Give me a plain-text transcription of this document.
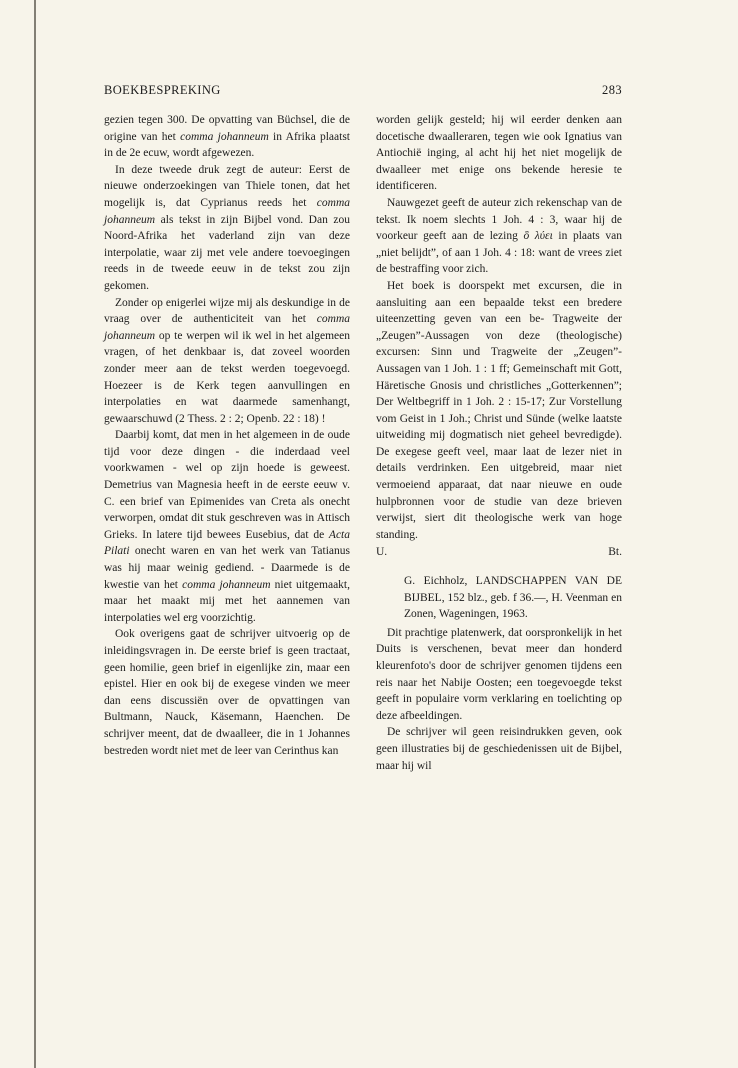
BOEKBESPREKING	283

gezien tegen 300. De opvatting van Büchsel, die de origine van het comma johanneum in Afrika plaatst in de 2e ecuw, wordt afgewezen.

In deze tweede druk zegt de auteur: Eerst de nieuwe onderzoekingen van Thiele tonen, dat het mogelijk is, dat Cyprianus reeds het comma johanneum als tekst in zijn Bijbel vond. Dan zou Noord-Afrika het vaderland zijn van deze interpolatie, waar zij met vele andere toevoegingen reeds in de tweede eeuw in de tekst zou zijn gekomen.

Zonder op enigerlei wijze mij als deskundige in de vraag over de authenticiteit van het comma johanneum op te werpen wil ik wel in het algemeen vragen, of het denkbaar is, dat zoveel woorden zonder meer aan de tekst werden toegevoegd. Hoezeer is de Kerk tegen aanvullingen en interpolaties en wat daarmede samenhangt, gewaarschuwd (2 Thess. 2 : 2; Openb. 22 : 18) !

Daarbij komt, dat men in het algemeen in de oude tijd voor deze dingen - die inderdaad veel voorkwamen - wel op zijn hoede is geweest. Demetrius van Magnesia heeft in de eerste eeuw v. C. een brief van Epimenides van Creta als onecht verworpen, omdat dit stuk geschreven was in Attisch Grieks. In latere tijd bewees Eusebius, dat de Acta Pilati onecht waren en van het werk van Tatianus was hij maar weinig gediend. - Daarmede is de kwestie van het comma johanneum niet uitgemaakt, maar het maakt mij met het aannemen van interpolaties wel erg voorzichtig.

Ook overigens gaat de schrijver uitvoerig op de inleidingsvragen in. De eerste brief is geen tractaat, geen homilie, geen brief in eigenlijke zin, maar een epistel. Hier en ook bij de exegese vinden we meer dan eens discussiën over de opvattingen van Bultmann, Nauck, Käsemann, Haenchen. De schrijver meent, dat de dwaalleer, die in 1 Johannes bestreden wordt niet met de leer van Cerinthus kan

worden gelijk gesteld; hij wil eerder denken aan docetische dwaalleraren, tegen wie ook Ignatius van Antiochië inging, al acht hij het niet mogelijk de dwaalleer met enige ons bekende heresie te identificeren.

Nauwgezet geeft de auteur zich rekenschap van de tekst. Ik noem slechts 1 Joh. 4 : 3, waar hij de voorkeur geeft aan de lezing ὃ λύει in plaats van „niet belijdt”, of aan 1 Joh. 4 : 18: want de vrees ziet de bestraffing voor zich.

Het boek is doorspekt met excursen, die in aansluiting aan een bepaalde tekst een bredere uiteenzetting geven van een be- Tragweite der „Zeugen”-Aussagen von deze (theologische) excursen: Sinn und Tragweite der „Zeugen”-Aussagen van 1 Joh. 1 : 1 ff; Gemeinschaft mit Gott, Häretische Gnosis und christliches „Gotterkennen”; Der Weltbegriff in 1 Joh. 2 : 15-17; Zur Vorstellung vom Geist in 1 Joh.; Christ und Sünde (welke laatste uitweiding mij dogmatisch niet geheel bevredigde). De exegese geeft veel, maar laat de lezer niet in details verdrinken. Een uitgebreid, maar niet vermoeiend apparaat, dat naar nieuwe en oude hulpbronnen voor de studie van deze brieven verwijst, siert dit theologische werk van hoge standing.

U.	Bt.

G. Eichholz, LANDSCHAPPEN VAN DE BIJBEL, 152 blz., geb. f 36.—, H. Veenman en Zonen, Wageningen, 1963.

Dit prachtige platenwerk, dat oorspronkelijk in het Duits is verschenen, bevat meer dan honderd kleurenfoto's door de schrijver genomen tijdens een reis naar het Nabije Oosten; een toegevoegde tekst geeft in populaire vorm verklaring en toelichting op deze afbeeldingen.

De schrijver wil geen reisindrukken geven, ook geen illustraties bij de geschiedenissen uit de Bijbel, maar hij wil
